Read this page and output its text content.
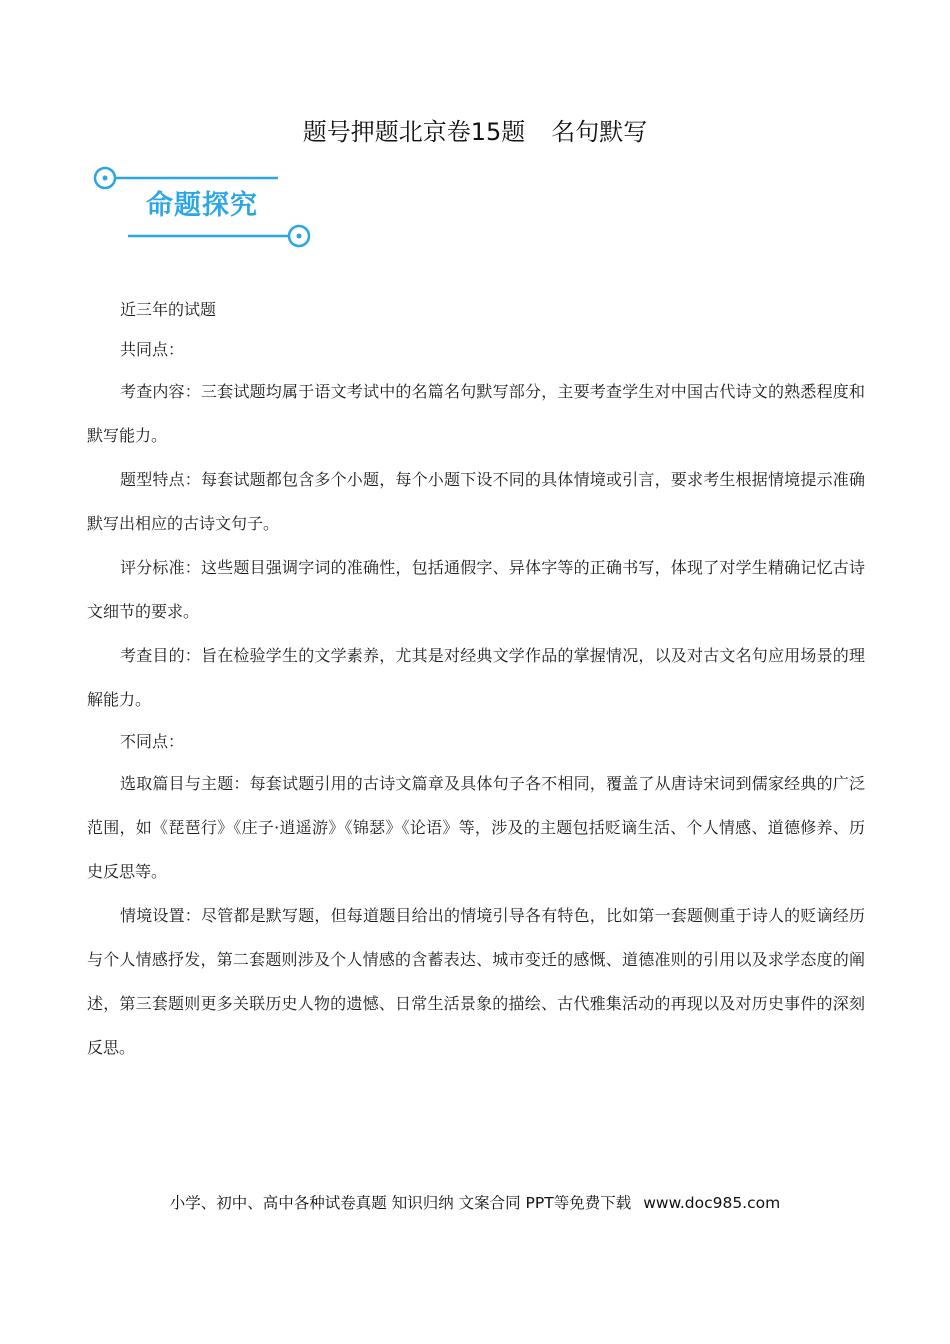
题号押题北京卷15题 名句默写
命题探究

近三年的试题

共同点：

考查内容：三套试题均属于语文考试中的名篇名句默写部分，主要考查学生对中国古代诗文的熟悉程度和默写能力。

题型特点：每套试题都包含多个小题，每个小题下设不同的具体情境或引言，要求考生根据情境提示准确默写出相应的古诗文句子。

评分标准：这些题目强调字词的准确性，包括通假字、异体字等的正确书写，体现了对学生精确记忆古诗文细节的要求。

考查目的：旨在检验学生的文学素养，尤其是对经典文学作品的掌握情况，以及对古文名句应用场景的理解能力。

不同点：

选取篇目与主题：每套试题引用的古诗文篇章及具体句子各不相同，覆盖了从唐诗宋词到儒家经典的广泛范围，如《琵琶行》《庄子·逍遥游》《锦瑟》《论语》等，涉及的主题包括贬谪生活、个人情感、道德修养、历史反思等。

情境设置：尽管都是默写题，但每道题目给出的情境引导各有特色，比如第一套题侧重于诗人的贬谪经历与个人情感抒发，第二套题则涉及个人情感的含蓄表达、城市变迁的感慨、道德准则的引用以及求学态度的阐述，第三套题则更多关联历史人物的遗憾、日常生活景象的描绘、古代雅集活动的再现以及对历史事件的深刻反思。

小学、初中、高中各种试卷真题 知识归纳 文案合同 PPT等免费下载 www.doc985.com
